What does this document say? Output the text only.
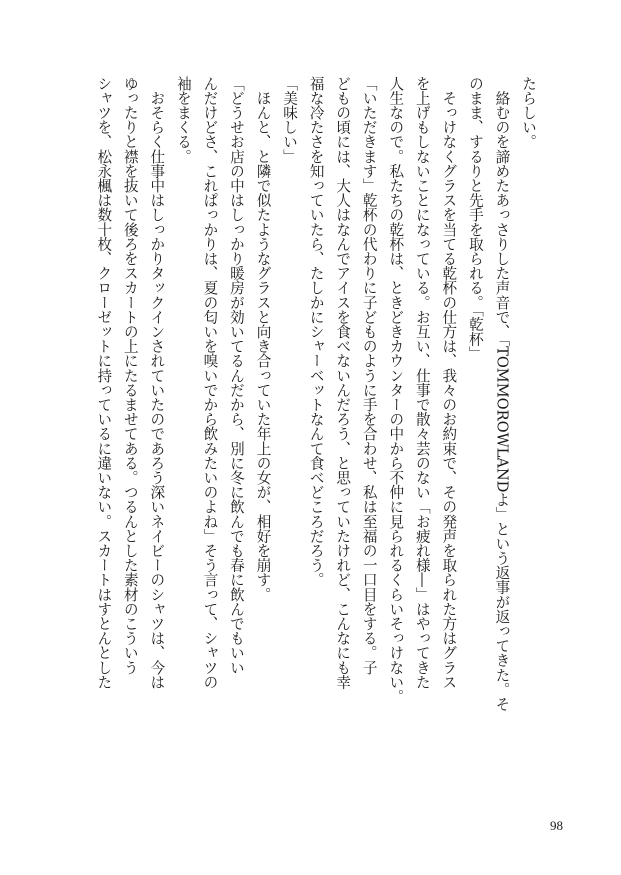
たらしい。
　絡むのを諦めたあっさりした声音で、「TOMMOROWLANDよ」という返事が返ってきた。そ
のまま、するりと先手を取られる。「乾杯」
　そっけなくグラスを当てる乾杯の仕方は、我々のお約束で、その発声を取られた方はグラス
を上げもしないことになっている。お互い、仕事で散々芸のない「お疲れ様―」はやってきた
人生なので。私たちの乾杯は、ときどきカウンターの中から不仲に見られるくらいそっけない。
「いただきます」乾杯の代わりに子どものように手を合わせ、私は至福の一口目をする。子
どもの頃には、大人はなんでアイスを食べないんだろう、と思っていたけれど、こんなにも幸
福な冷たさを知っていたら、たしかにシャーベットなんて食べどころだろう。
「美味しい」
　ほんと、と隣で似たようなグラスと向き合っていた年上の女が、相好を崩す。
「どうせお店の中はしっかり暖房が効いてるんだから、別に冬に飲んでも春に飲んでもいい
んだけどさ、これぱっかりは、夏の匂いを嗅いでから飲みたいのよね」そう言って、シャツの
袖をまくる。
　おそらく仕事中はしっかりタックインされていたのであろう深いネイビーのシャツは、今は
ゆったりと襟を抜いて後ろをスカートの上にたるませてある。つるんとした素材のこういう
シャツを、松永楓は数十枚、クローゼットに持っているに違いない。スカートはすとんとした
98
